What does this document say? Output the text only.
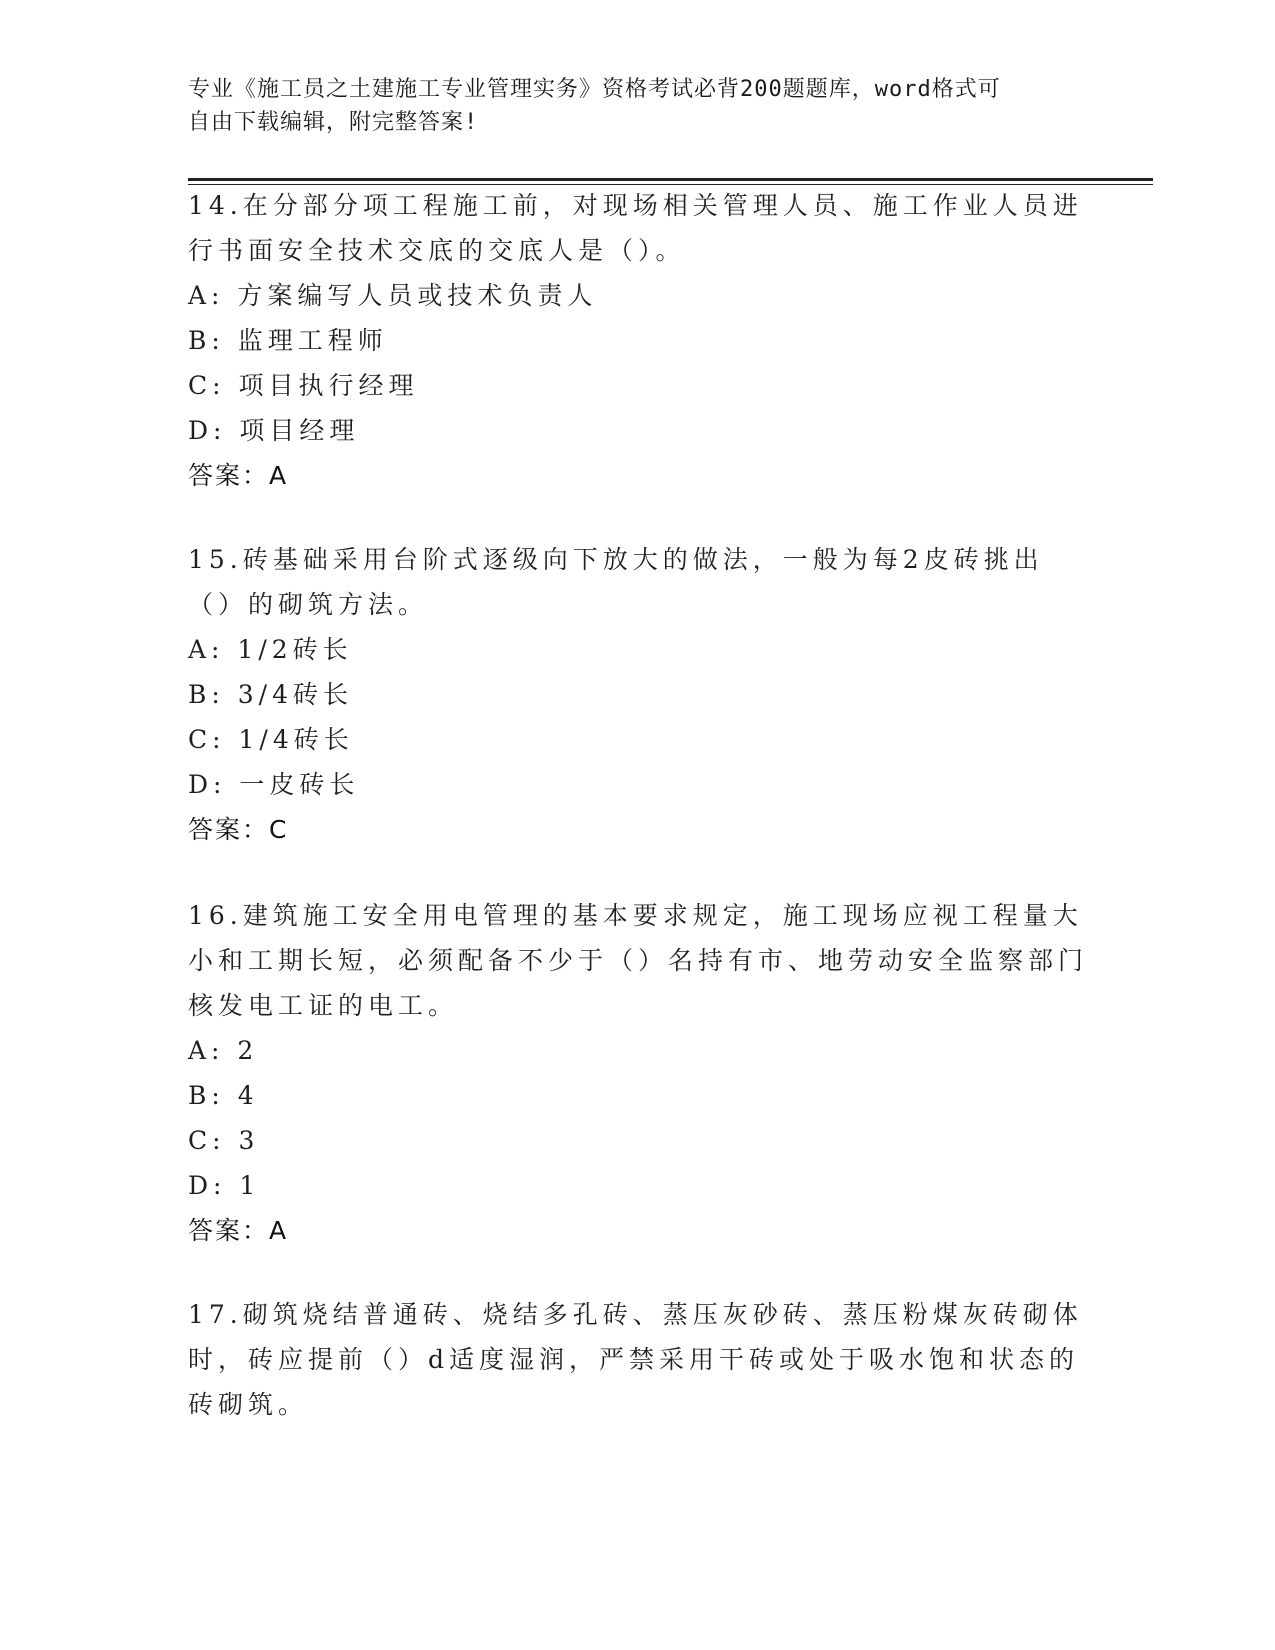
专业《施工员之土建施工专业管理实务》资格考试必背200题题库，word格式可
自由下载编辑，附完整答案!
14.在分部分项工程施工前，对现场相关管理人员、施工作业人员进行书面安全技术交底的交底人是（）。
A: 方案编写人员或技术负责人
B: 监理工程师
C: 项目执行经理
D: 项目经理
答案：A
15.砖基础采用台阶式逐级向下放大的做法，一般为每2皮砖挑出（）的砌筑方法。
A: 1/2砖长
B: 3/4砖长
C: 1/4砖长
D: 一皮砖长
答案：C
16.建筑施工安全用电管理的基本要求规定，施工现场应视工程量大小和工期长短，必须配备不少于（）名持有市、地劳动安全监察部门核发电工证的电工。
A: 2
B: 4
C: 3
D: 1
答案：A
17.砌筑烧结普通砖、烧结多孔砖、蒸压灰砂砖、蒸压粉煤灰砖砌体时，砖应提前（）d适度湿润，严禁采用干砖或处于吸水饱和状态的砖砌筑。
